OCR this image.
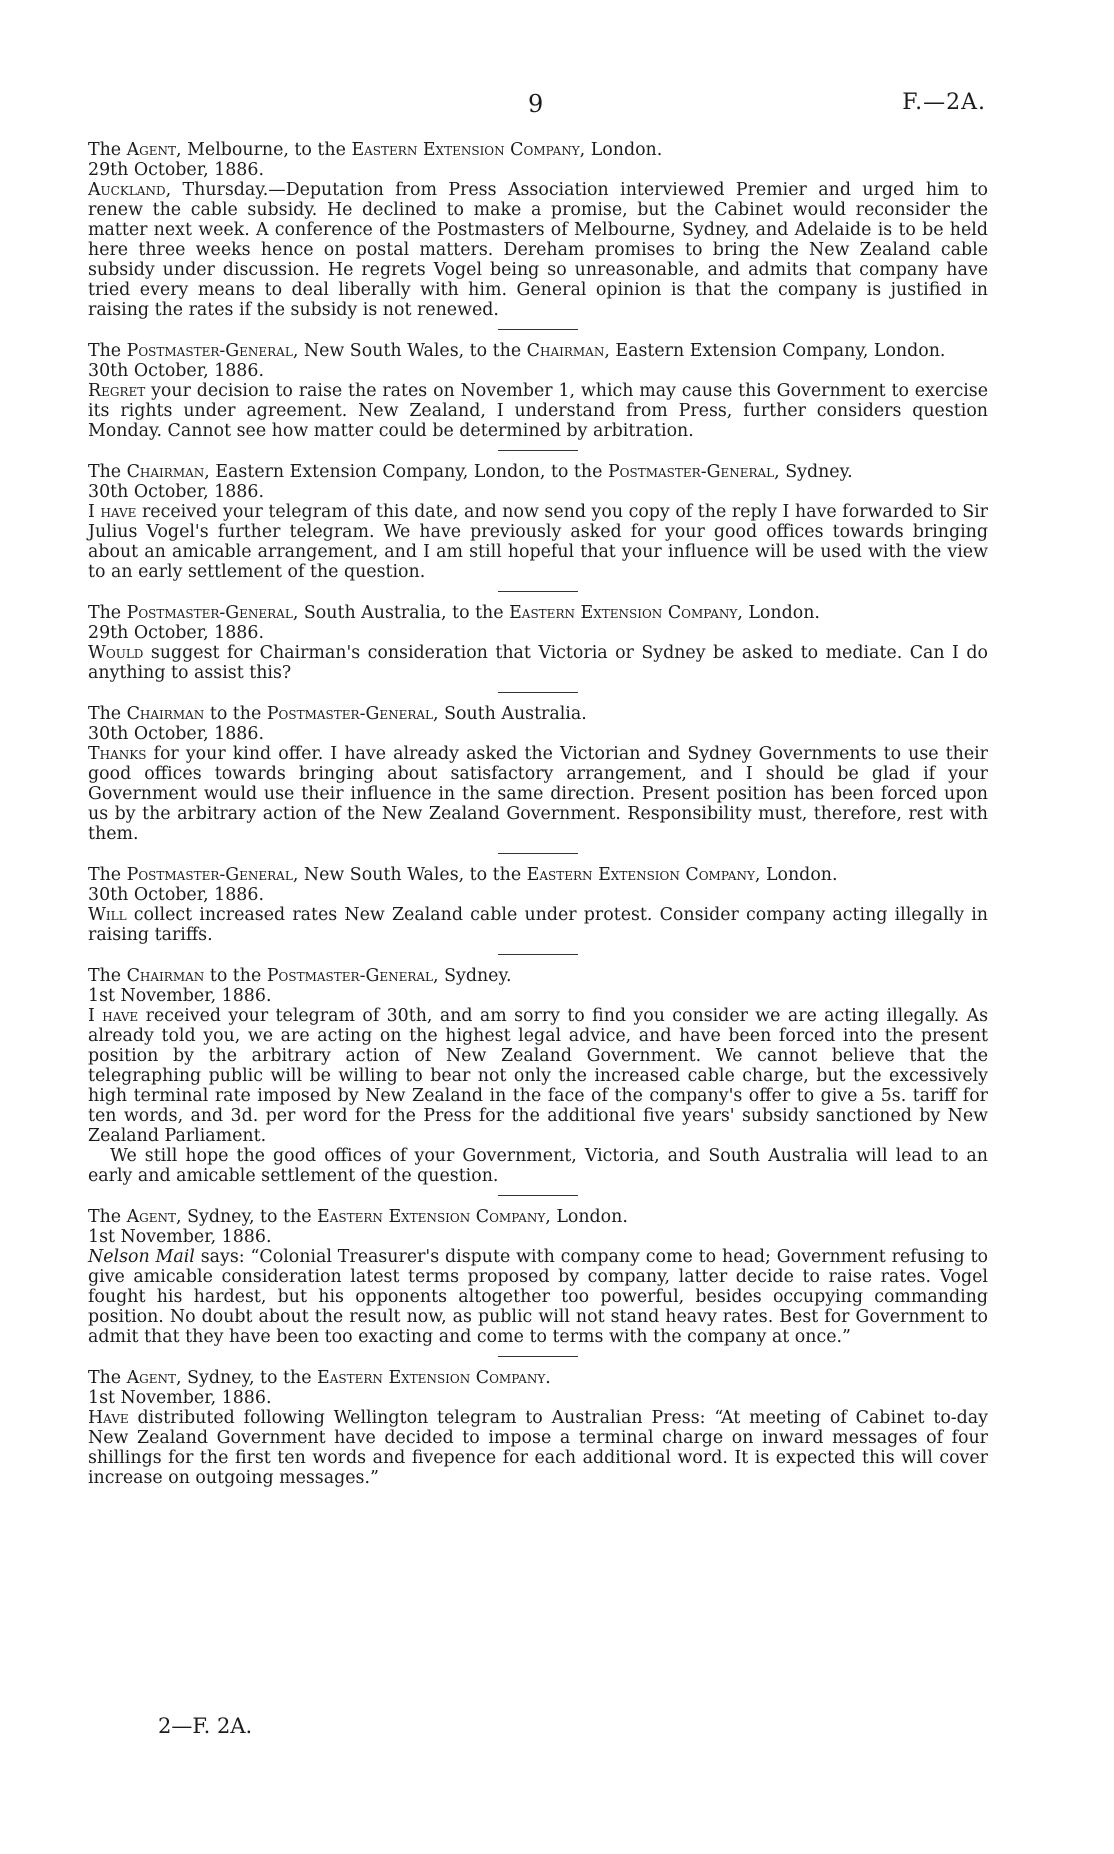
9	F.—2A.

The Agent, Melbourne, to the Eastern Extension Company, London.

29th October, 1886.

Auckland, Thursday.—Deputation from Press Association interviewed Premier and urged him to renew the cable subsidy. He declined to make a promise, but the Cabinet would reconsider the matter next week. A conference of the Postmasters of Melbourne, Sydney, and Adelaide is to be held here three weeks hence on postal matters. Dereham promises to bring the New Zealand cable subsidy under discussion. He regrets Vogel being so unreasonable, and admits that company have tried every means to deal liberally with him. General opinion is that the company is justified in raising the rates if the subsidy is not renewed.

The Postmaster-General, New South Wales, to the Chairman, Eastern Extension Company, London.

30th October, 1886.

Regret your decision to raise the rates on November 1, which may cause this Government to exercise its rights under agreement. New Zealand, I understand from Press, further considers question Monday. Cannot see how matter could be determined by arbitration.

The Chairman, Eastern Extension Company, London, to the Postmaster-General, Sydney.

30th October, 1886.

I have received your telegram of this date, and now send you copy of the reply I have forwarded to Sir Julius Vogel's further telegram. We have previously asked for your good offices towards bringing about an amicable arrangement, and I am still hopeful that your influence will be used with the view to an early settlement of the question.

The Postmaster-General, South Australia, to the Eastern Extension Company, London.

29th October, 1886.

Would suggest for Chairman's consideration that Victoria or Sydney be asked to mediate. Can I do anything to assist this?

The Chairman to the Postmaster-General, South Australia.

30th October, 1886.

Thanks for your kind offer. I have already asked the Victorian and Sydney Governments to use their good offices towards bringing about satisfactory arrangement, and I should be glad if your Government would use their influence in the same direction. Present position has been forced upon us by the arbitrary action of the New Zealand Government. Responsibility must, therefore, rest with them.

The Postmaster-General, New South Wales, to the Eastern Extension Company, London.

30th October, 1886.

Will collect increased rates New Zealand cable under protest. Consider company acting illegally in raising tariffs.

The Chairman to the Postmaster-General, Sydney.

1st November, 1886.

I have received your telegram of 30th, and am sorry to find you consider we are acting illegally. As already told you, we are acting on the highest legal advice, and have been forced into the present position by the arbitrary action of New Zealand Government. We cannot believe that the telegraphing public will be willing to bear not only the increased cable charge, but the excessively high terminal rate imposed by New Zealand in the face of the company's offer to give a 5s. tariff for ten words, and 3d. per word for the Press for the additional five years' subsidy sanctioned by New Zealand Parliament.

We still hope the good offices of your Government, Victoria, and South Australia will lead to an early and amicable settlement of the question.

The Agent, Sydney, to the Eastern Extension Company, London.

1st November, 1886.

Nelson Mail says: “Colonial Treasurer's dispute with company come to head; Government refusing to give amicable consideration latest terms proposed by company, latter decide to raise rates. Vogel fought his hardest, but his opponents altogether too powerful, besides occupying commanding position. No doubt about the result now, as public will not stand heavy rates. Best for Government to admit that they have been too exacting and come to terms with the company at once.”

The Agent, Sydney, to the Eastern Extension Company.

1st November, 1886.

Have distributed following Wellington telegram to Australian Press: “At meeting of Cabinet to-day New Zealand Government have decided to impose a terminal charge on inward messages of four shillings for the first ten words and fivepence for each additional word. It is expected this will cover increase on outgoing messages.”

2—F. 2A.
